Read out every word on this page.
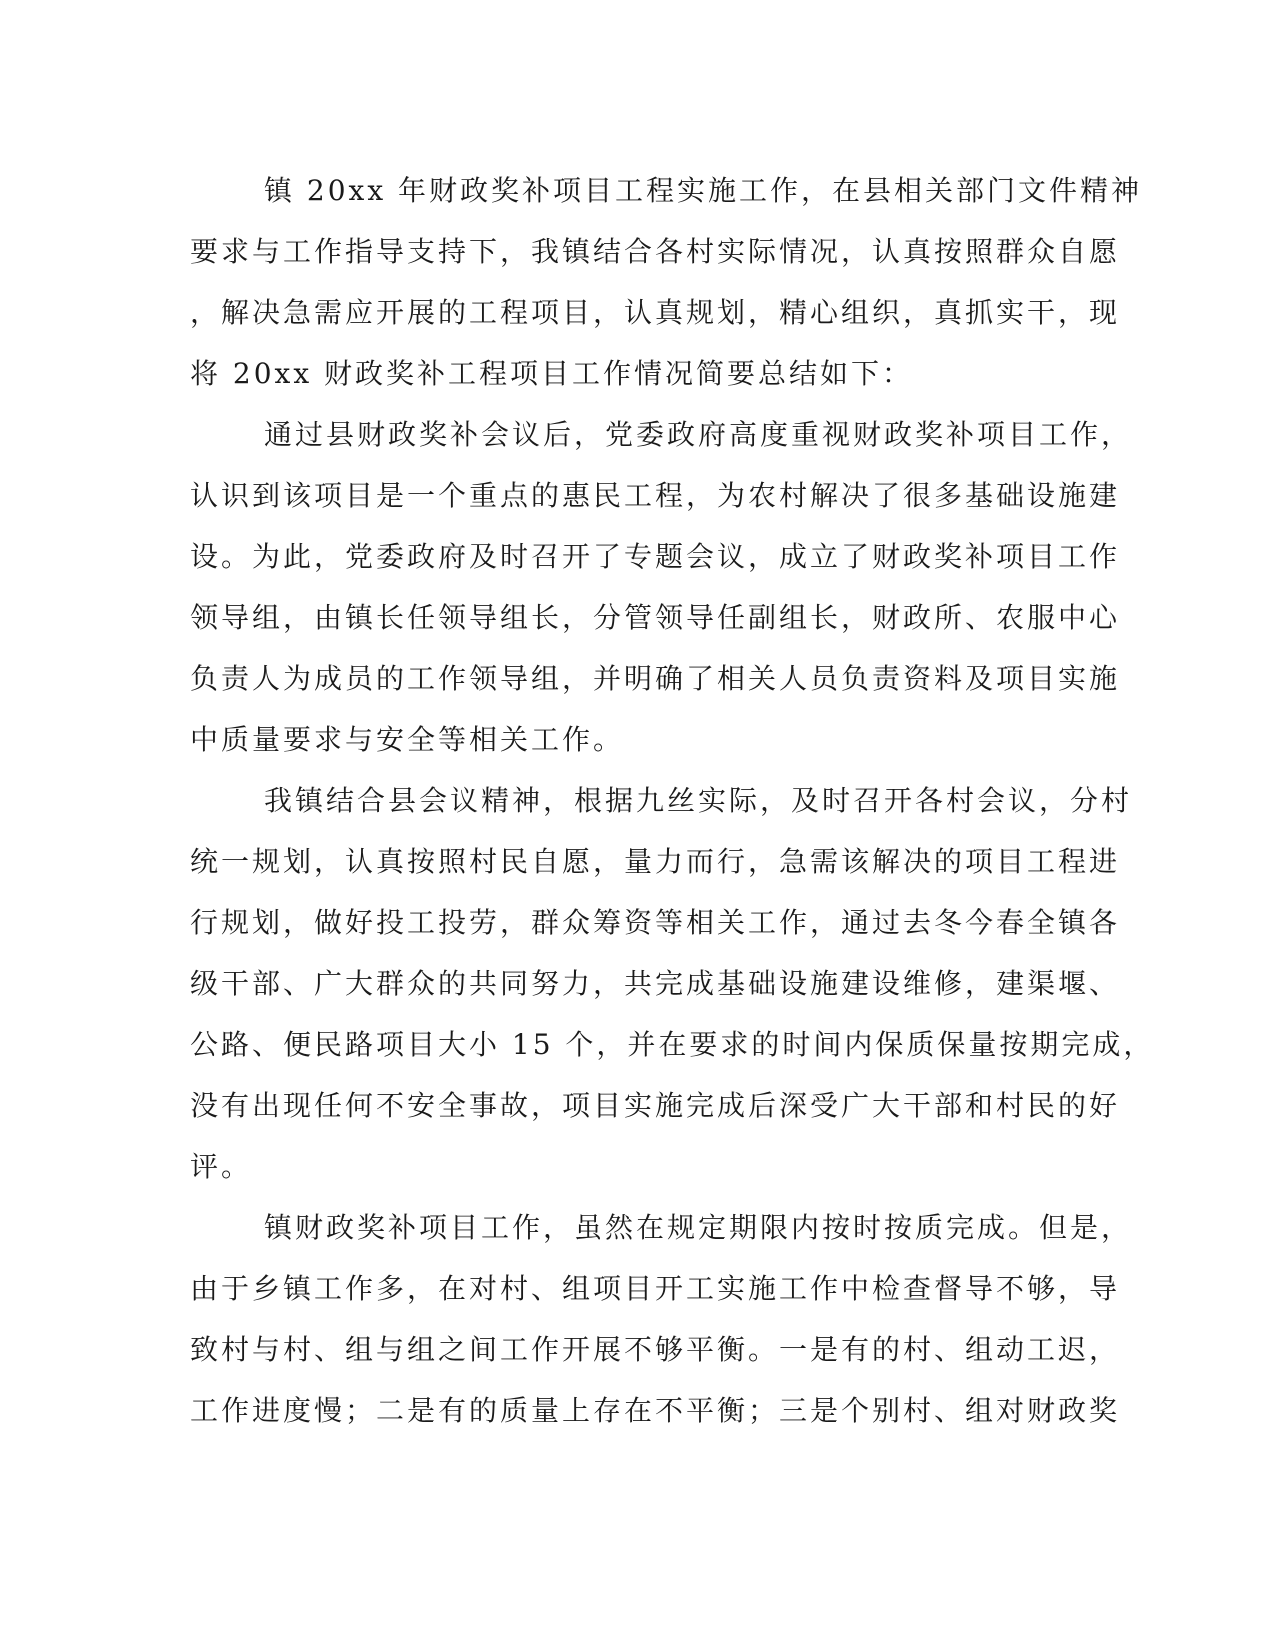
镇 20xx 年财政奖补项目工程实施工作，在县相关部门文件精神
要求与工作指导支持下，我镇结合各村实际情况，认真按照群众自愿
，解决急需应开展的工程项目，认真规划，精心组织，真抓实干，现
将 20xx 财政奖补工程项目工作情况简要总结如下：
通过县财政奖补会议后，党委政府高度重视财政奖补项目工作，
认识到该项目是一个重点的惠民工程，为农村解决了很多基础设施建
设。为此，党委政府及时召开了专题会议，成立了财政奖补项目工作
领导组，由镇长任领导组长，分管领导任副组长，财政所、农服中心
负责人为成员的工作领导组，并明确了相关人员负责资料及项目实施
中质量要求与安全等相关工作。
我镇结合县会议精神，根据九丝实际，及时召开各村会议，分村
统一规划，认真按照村民自愿，量力而行，急需该解决的项目工程进
行规划，做好投工投劳，群众筹资等相关工作，通过去冬今春全镇各
级干部、广大群众的共同努力，共完成基础设施建设维修，建渠堰、
公路、便民路项目大小 15 个，并在要求的时间内保质保量按期完成，
没有出现任何不安全事故，项目实施完成后深受广大干部和村民的好
评。
镇财政奖补项目工作，虽然在规定期限内按时按质完成。但是，
由于乡镇工作多，在对村、组项目开工实施工作中检查督导不够，导
致村与村、组与组之间工作开展不够平衡。一是有的村、组动工迟，
工作进度慢；二是有的质量上存在不平衡；三是个别村、组对财政奖
